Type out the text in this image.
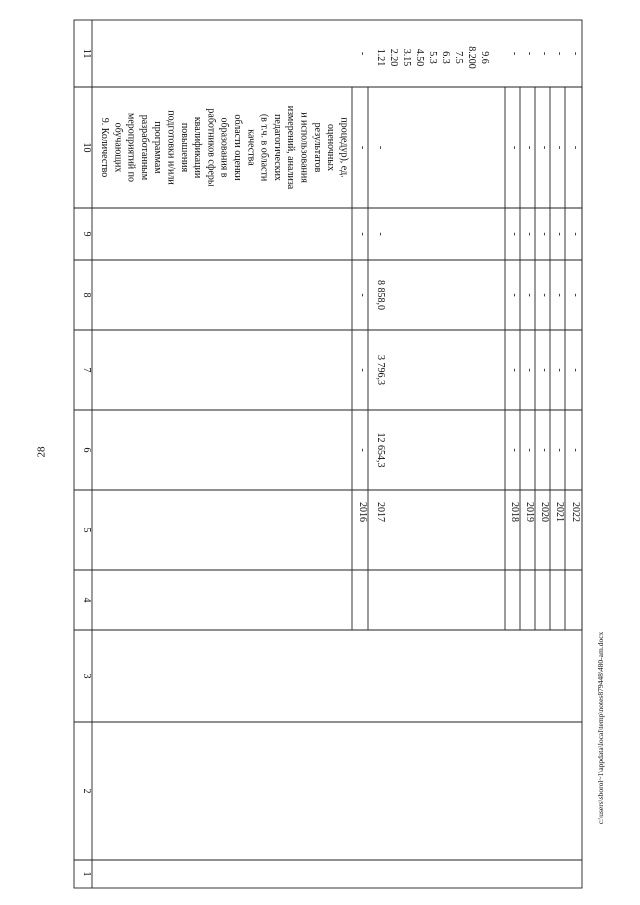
28
1
2
3
4
5
6
7
8
9
10
11
9. Количество обучающих мероприятий по разработанным программам подготовки и/или повышения квалификации работников сферы образования в области оценки качества (в т.ч. в области педагогических измерений, анализа и использования результатов оценочных процедур), ед.
2016
-
-
-
-
-
-
2017
12 654,3
3 796,3
8 858,0
-
-
1.21 2.20 3.15 4.50 5.3 6.3 7.5 8.200 9.6
2018
-
-
-
-
-
-
2019
-
-
-
-
-
-
2020
-
-
-
-
-
-
2021
-
-
-
-
-
-
2022
-
-
-
-
-
-
c:\users\sborol~1\appdata\local\temp\notes879448\480-am.docx
